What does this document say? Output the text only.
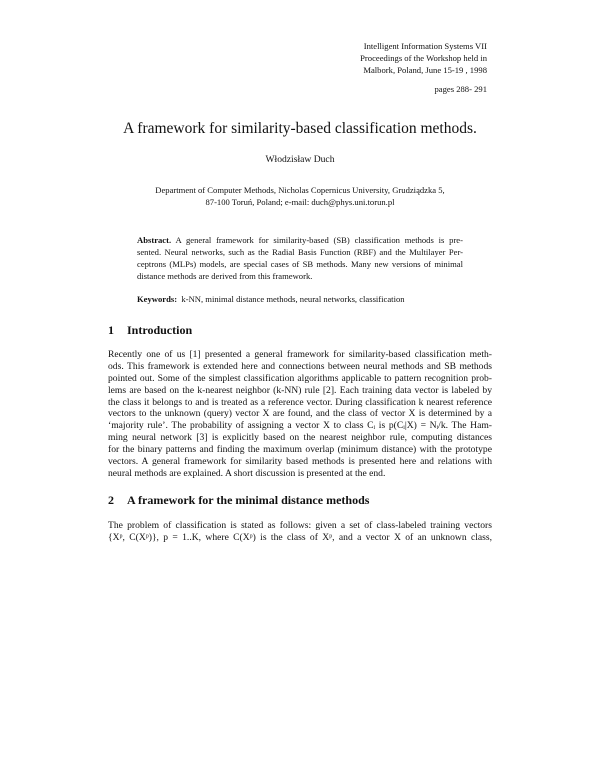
Intelligent Information Systems VII
Proceedings of the Workshop held in
Malbork, Poland, June 15-19 , 1998
pages 288- 291
A framework for similarity-based classification methods.
Włodzisław Duch
Department of Computer Methods, Nicholas Copernicus University, Grudziądzka 5,
87-100 Toruń, Poland; e-mail: duch@phys.uni.torun.pl
Abstract. A general framework for similarity-based (SB) classification methods is pre-
sented. Neural networks, such as the Radial Basis Function (RBF) and the Multilayer Per-
ceptrons (MLPs) models, are special cases of SB methods. Many new versions of minimal
distance methods are derived from this framework.
Keywords: k-NN, minimal distance methods, neural networks, classification
1 Introduction
Recently one of us [1] presented a general framework for similarity-based classification meth-
ods. This framework is extended here and connections between neural methods and SB methods
pointed out. Some of the simplest classification algorithms applicable to pattern recognition prob-
lems are based on the k-nearest neighbor (k-NN) rule [2]. Each training data vector is labeled by
the class it belongs to and is treated as a reference vector. During classification k nearest reference
vectors to the unknown (query) vector X are found, and the class of vector X is determined by a
‘majority rule’. The probability of assigning a vector X to class Cᵢ is p(Cᵢ|X) = Nᵢ/k. The Ham-
ming neural network [3] is explicitly based on the nearest neighbor rule, computing distances
for the binary patterns and finding the maximum overlap (minimum distance) with the prototype
vectors. A general framework for similarity based methods is presented here and relations with
neural methods are explained. A short discussion is presented at the end.
2 A framework for the minimal distance methods
The problem of classification is stated as follows: given a set of class-labeled training vectors
{Xᵖ, C(Xᵖ)}, p = 1..K, where C(Xᵖ) is the class of Xᵖ, and a vector X of an unknown class,
